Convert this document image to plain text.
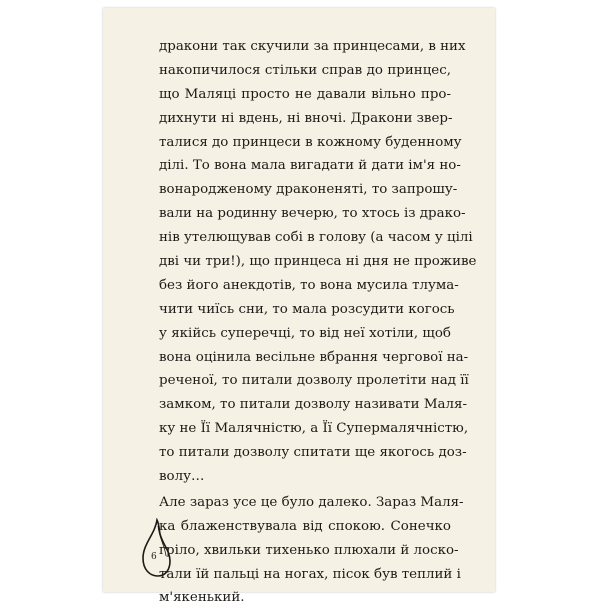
дракони так скучили за принцесами, в них
накопичилося стільки справ до принцес,
що Маляці просто не давали вільно про-
дихнути ні вдень, ні вночі. Дракони звер-
талися до принцеси в кожному буденному
ділі. То вона мала вигадати й дати ім'я но-
вонародженому драконеняті, то запрошу-
вали на родинну вечерю, то хтось із драко-
нів утелющував собі в голову (а часом у цілі
дві чи три!), що принцеса ні дня не проживе
без його анекдотів, то вона мусила тлума-
чити чиїсь сни, то мала розсудити когось
у якійсь суперечці, то від неї хотіли, щоб
вона оцінила весільне вбрання чергової на-
реченої, то питали дозволу пролетіти над її
замком, то питали дозволу називати Маля-
ку не Її Малячністю, а Її Супермалячністю,
то питали дозволу спитати ще якогось доз-
волу…
Але зараз усе це було далеко. Зараз Маля-
ка блаженствувала від спокою. Сонечко
гріло, хвильки тихенько плюхали й лоско-
тали їй пальці на ногах, пісок був теплий і
м'якенький.
6
